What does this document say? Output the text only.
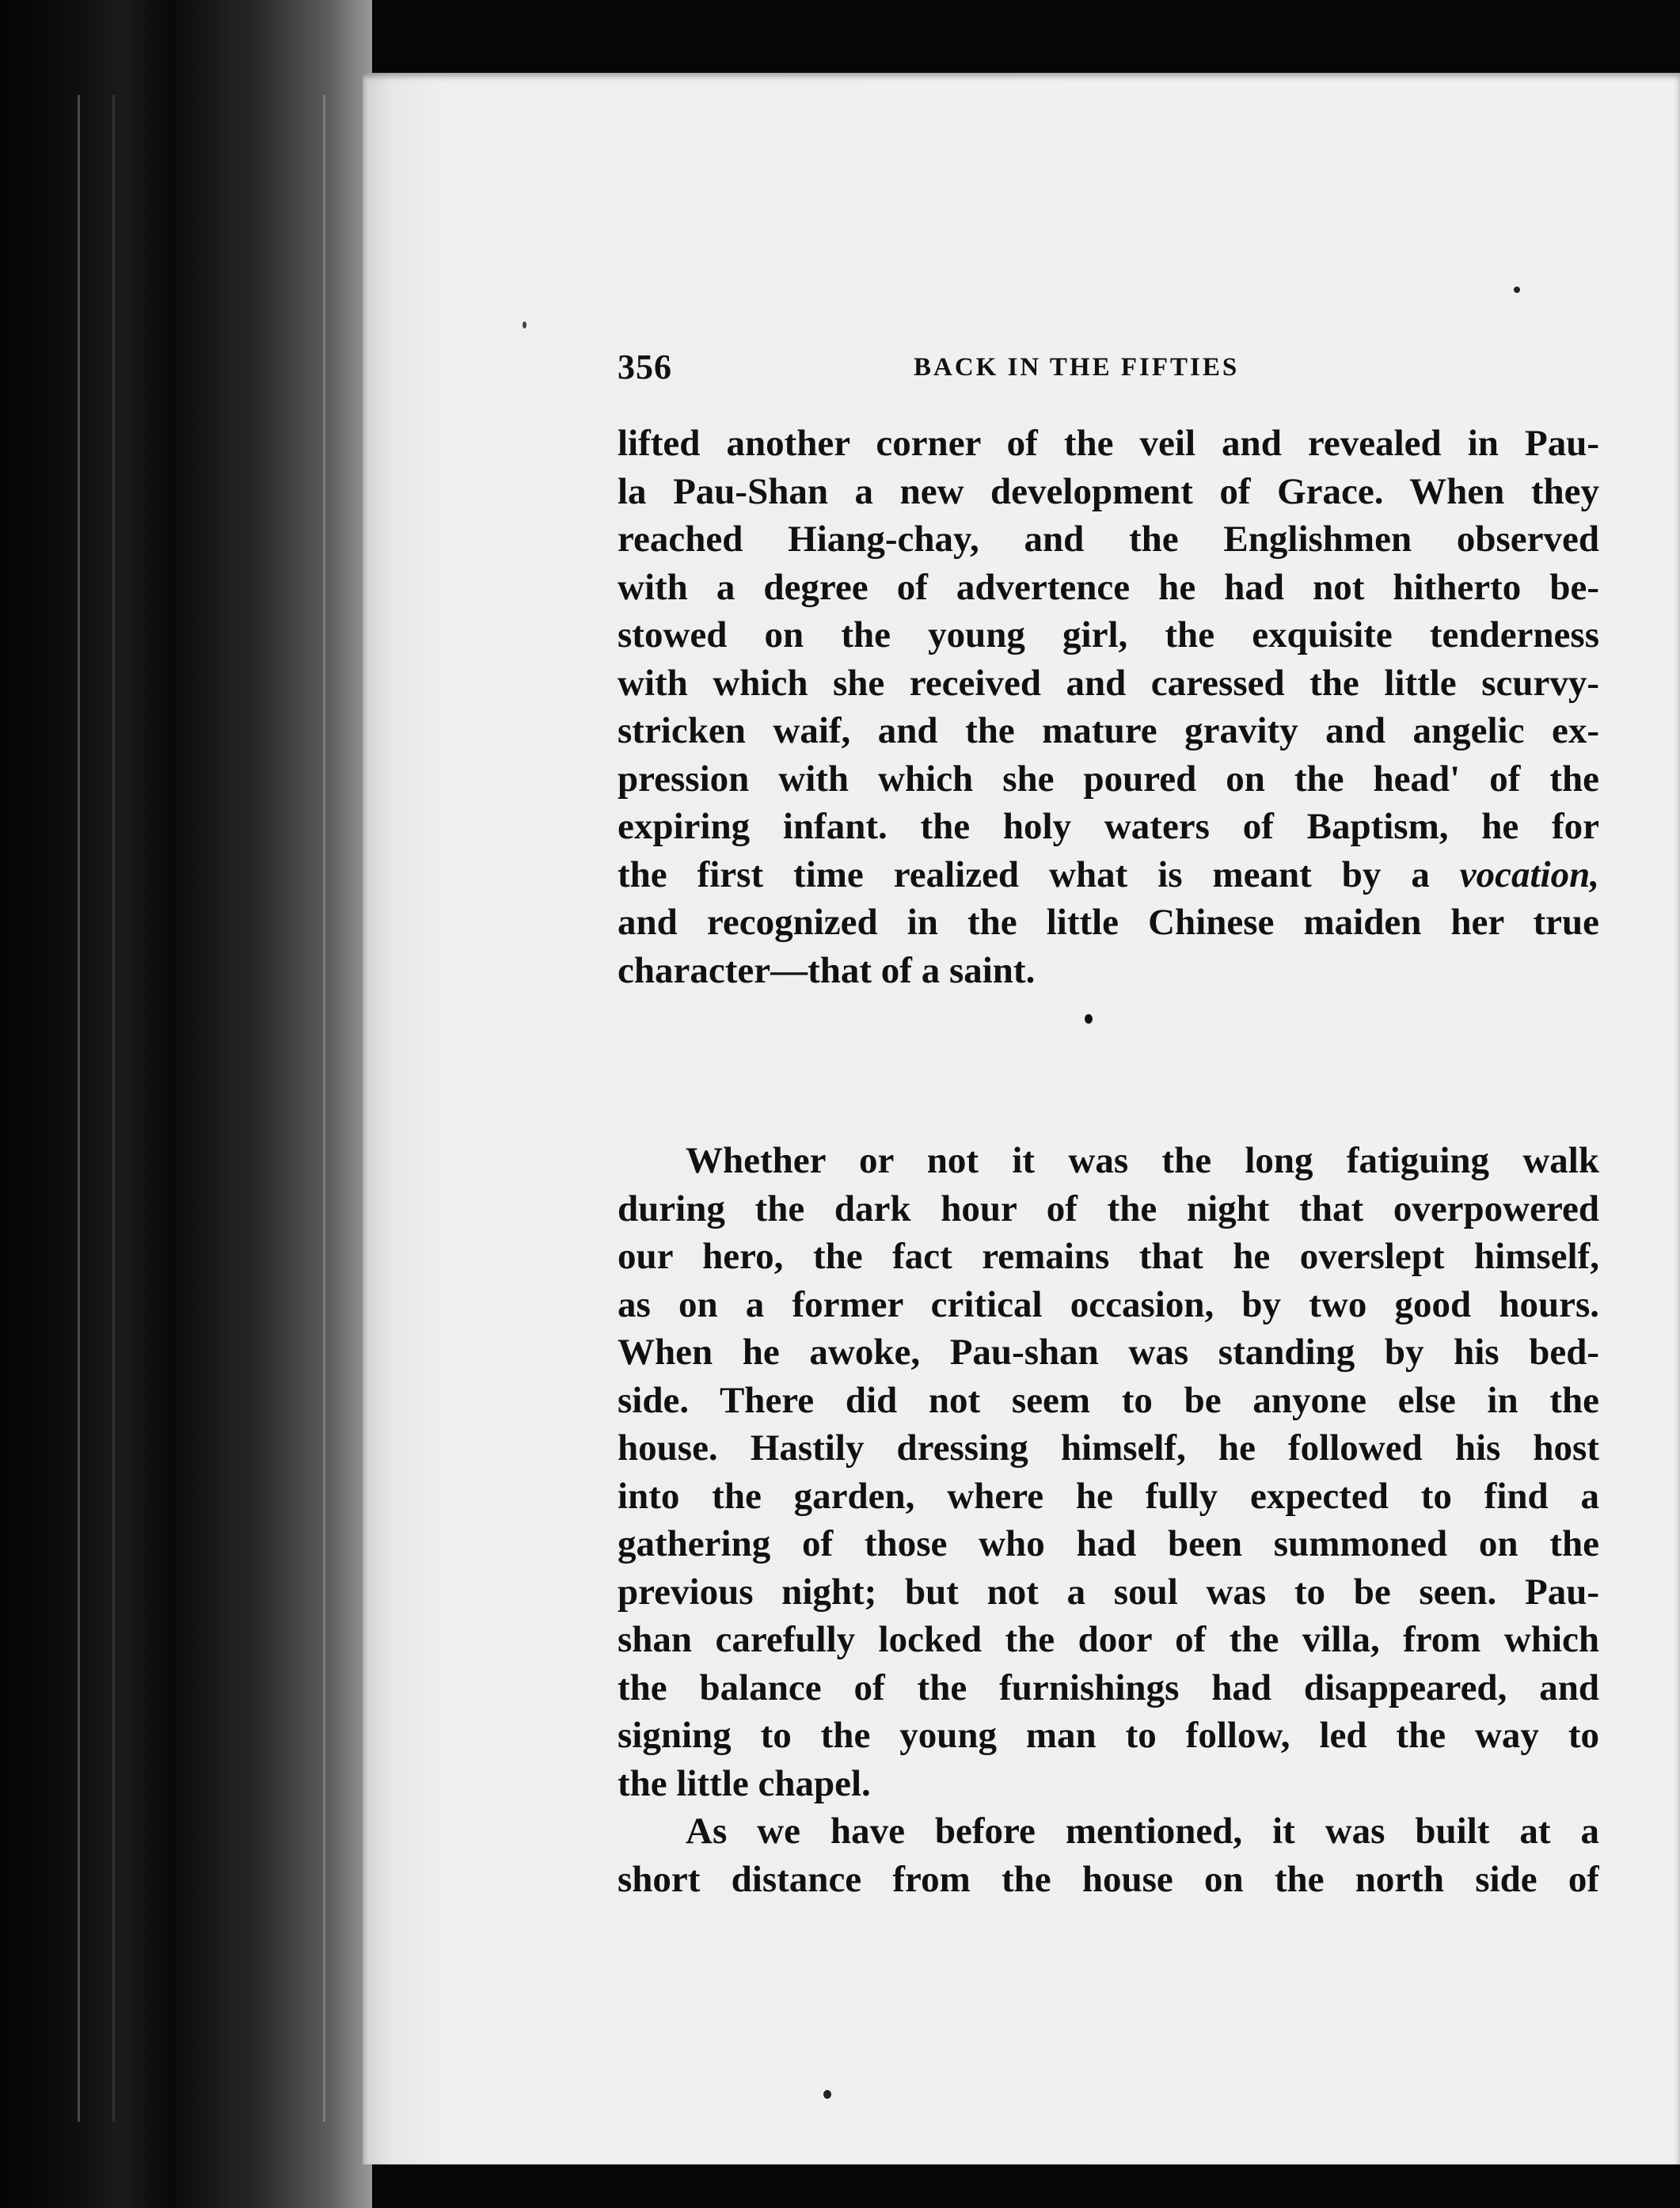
356	BACK IN THE FIFTIES
lifted another corner of the veil and revealed in Pau-
la Pau-Shan a new development of Grace. When they
reached Hiang-chay, and the Englishmen observed
with a degree of advertence he had not hitherto be-
stowed on the young girl, the exquisite tenderness
with which she received and caressed the little scurvy-
stricken waif, and the mature gravity and angelic ex-
pression with which she poured on the head' of the
expiring infant. the holy waters of Baptism, he for
the first time realized what is meant by a vocation,
and recognized in the little Chinese maiden her true
character—that of a saint.
Whether or not it was the long fatiguing walk
during the dark hour of the night that overpowered
our hero, the fact remains that he overslept himself,
as on a former critical occasion, by two good hours.
When he awoke, Pau-shan was standing by his bed-
side. There did not seem to be anyone else in the
house. Hastily dressing himself, he followed his host
into the garden, where he fully expected to find a
gathering of those who had been summoned on the
previous night; but not a soul was to be seen. Pau-
shan carefully locked the door of the villa, from which
the balance of the furnishings had disappeared, and
signing to the young man to follow, led the way to
the little chapel.
As we have before mentioned, it was built at a
short distance from the house on the north side of
